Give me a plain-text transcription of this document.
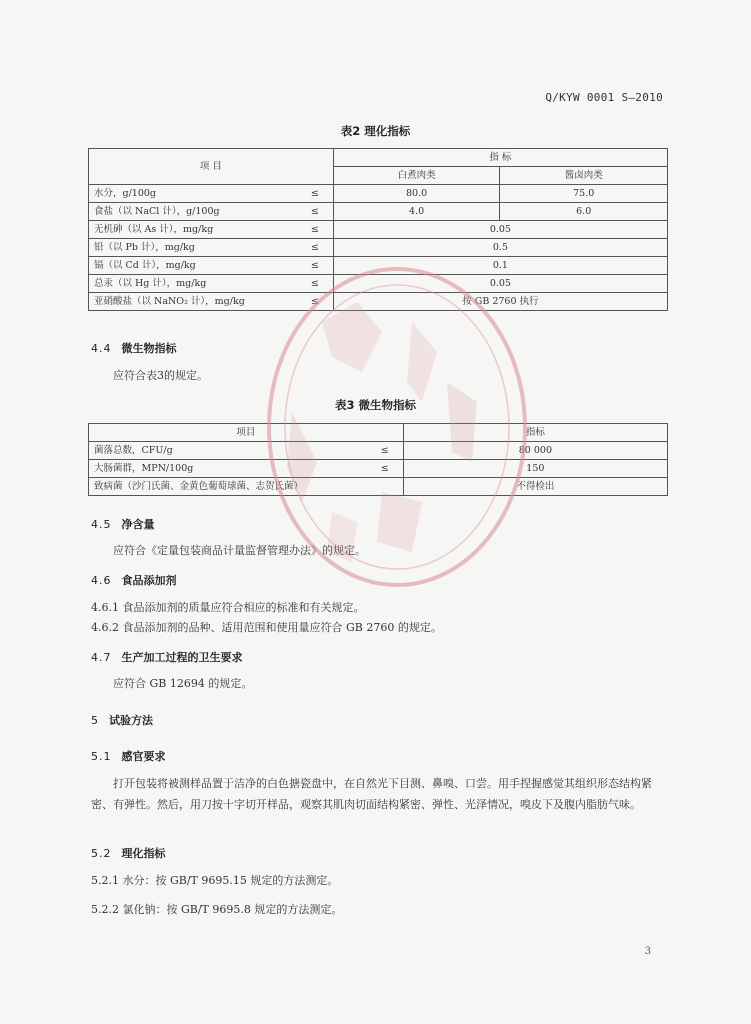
Q/KYW 0001 S—2010
表2 理化指标
项 目		指 标	
		白煮肉类	酱卤肉类
水分，g/100g	≤	80.0	75.0
食盐（以 NaCl 计），g/100g	≤	4.0	6.0
无机砷（以 As 计），mg/kg	≤	0.05	
铅（以 Pb 计），mg/kg	≤	0.5	
镉（以 Cd 计），mg/kg	≤	0.1	
总汞（以 Hg 计），mg/kg	≤	0.05	
亚硝酸盐（以 NaNO₂ 计），mg/kg	≤	按 GB 2760 执行	
4.4 微生物指标
应符合表3的规定。
表3 微生物指标
项目		指标
菌落总数，CFU/g	≤	80 000
大肠菌群，MPN/100g	≤	150
致病菌（沙门氏菌、金黄色葡萄球菌、志贺氏菌）		不得检出
4.5 净含量
应符合《定量包装商品计量监督管理办法》的规定。
4.6 食品添加剂
4.6.1 食品添加剂的质量应符合相应的标准和有关规定。
4.6.2 食品添加剂的品种、适用范围和使用量应符合 GB 2760 的规定。
4.7 生产加工过程的卫生要求
应符合 GB 12694 的规定。
5 试验方法
5.1 感官要求
打开包装将被测样品置于洁净的白色搪瓷盘中，在自然光下目测、鼻嗅、口尝。用手捏握感觉其组织形态结构紧密、有弹性。然后，用刀按十字切开样品，观察其肌肉切面结构紧密、弹性、光泽情况，嗅皮下及腹内脂肪气味。
5.2 理化指标
5.2.1 水分：按 GB/T 9695.15 规定的方法测定。
5.2.2 氯化钠：按 GB/T 9695.8 规定的方法测定。
3
